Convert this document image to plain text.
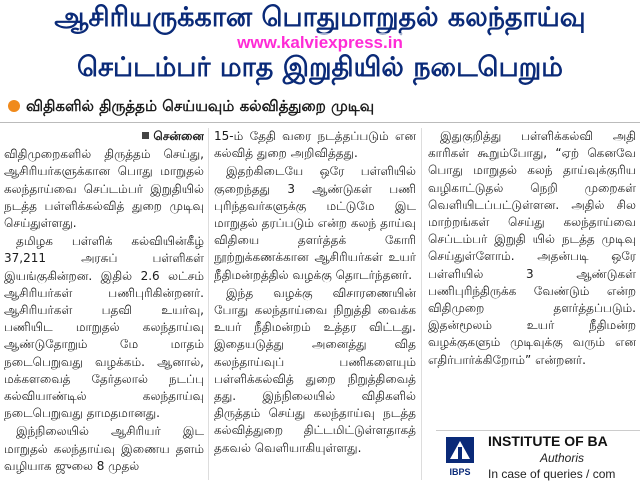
ஆசிரியருக்கான பொதுமாறுதல் கலந்தாய்வு
செப்டம்பர் மாத இறுதியில் நடைபெறும்
www.kalviexpress.in
விதிகளில் திருத்தம் செய்யவும் கல்வித்துறை முடிவு
சென்னை

விதிமுறைகளில் திருத்தம் செய்து, ஆசிரியர்களுக்கான பொது மாறுதல் கலந்தாய்வை செப்டம்பர் இறுதியில் நடத்த பள்ளிக்கல்வித் துறை முடிவு செய்துள்ளது.

தமிழக பள்ளிக் கல்வியின்கீழ் 37,211 அரசுப் பள்ளிகள் இயங்குகின்றன. இதில் 2.6 லட்சம் ஆசிரியர்கள் பணிபுரிகின்றனர். ஆசிரியர்கள் பதவி உயர்வு, பணியிட மாறுதல் கலந்தாய்வு ஆண்டுதோறும் மே மாதம் நடைபெறுவது வழக்கம். ஆனால், மக்களவைத் தேர்தலால் நடப்பு கல்வியாண்டில் கலந்தாய்வு நடைபெறுவது தாமதமானது.

இந்நிலையில் ஆசிரியர் இட மாறுதல் கலந்தாய்வு இணைய தளம் வழியாக ஜுலை 8 முதல்

15-ம் தேதி வரை நடத்தப்படும் என கல்வித் துறை அறிவித்தது.

இதற்கிடையே ஒரே பள்ளியில் குறைந்தது 3 ஆண்டுகள் பணி புரிந்தவர்களுக்கு மட்டுமே இட மாறுதல் தரப்படும் என்ற கலந் தாய்வு விதியை தளர்த்தக் கோரி நூற்றுக்கணக்கான ஆசிரியர்கள் உயர் நீதிமன்றத்தில் வழக்கு தொடர்ந்தனர்.

இந்த வழக்கு விசாரணையின் போது கலந்தாய்வை நிறுத்தி வைக்க உயர் நீதிமன்றம் உத்தர விட்டது. இதையடுத்து அனைத்து வித கலந்தாய்வுப் பணிகளையும் பள்ளிக்கல்வித் துறை நிறுத்திவைத் தது. இந்நிலையில் விதிகளில் திருத்தம் செய்து கலந்தாய்வு நடத்த கல்வித்துறை திட்டமிட்டுள்ளதாகத் தகவல் வெளியாகியுள்ளது.

இதுகுறித்து பள்ளிக்கல்வி அதி காரிகள் கூறும்போது, “ஏற் கெனவே பொது மாறுதல் கலந் தாய்வுக்குரிய வழிகாட்டுதல் நெறி முறைகள் வெளியிடப்பட்டுள்ளன. அதில் சில மாற்றங்கள் செய்து கலந்தாய்வை செப்டம்பர் இறுதி யில் நடத்த முடிவு செய்துள்ளோம். அதன்படி ஒரே பள்ளியில் 3 ஆண்டுகள் பணிபுரிந்திருக்க வேண்டும் என்ற விதிமுறை தளர்த்தப்படும். இதன்மூலம் உயர் நீதிமன்ற வழக்குகளும் முடிவுக்கு வரும் என எதிர்பார்க்கிறோம்” என்றனர்.

IBPS
INSTITUTE OF BA
Authoris
In case of queries / com
